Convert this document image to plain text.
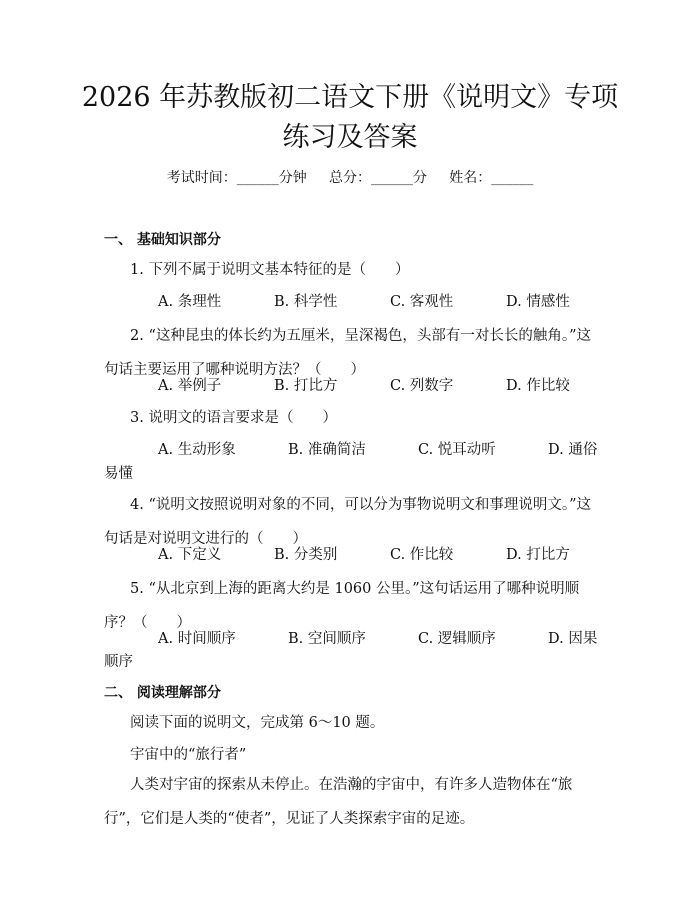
2026 年苏教版初二语文下册《说明文》专项
练习及答案
考试时间：______分钟     总分：______分     姓名：______
一、 基础知识部分
1. 下列不属于说明文基本特征的是（　　）
A. 条理性	B. 科学性	C. 客观性	D. 情感性
2. “这种昆虫的体长约为五厘米，呈深褐色，头部有一对长长的触角。”这句话主要运用了哪种说明方法？（　　）
A. 举例子	B. 打比方	C. 列数字	D. 作比较
3. 说明文的语言要求是（　　）
A. 生动形象	B. 准确简洁	C. 悦耳动听	D. 通俗
易懂
4. “说明文按照说明对象的不同，可以分为事物说明文和事理说明文。”这句话是对说明文进行的（　　）
A. 下定义	B. 分类别	C. 作比较	D. 打比方
5. “从北京到上海的距离大约是 1060 公里。”这句话运用了哪种说明顺序？（　　）
A. 时间顺序	B. 空间顺序	C. 逻辑顺序	D. 因果
顺序
二、 阅读理解部分
阅读下面的说明文，完成第 6～10 题。
宇宙中的“旅行者”
人类对宇宙的探索从未停止。在浩瀚的宇宙中，有许多人造物体在“旅行”，它们是人类的“使者”，见证了人类探索宇宙的足迹。
